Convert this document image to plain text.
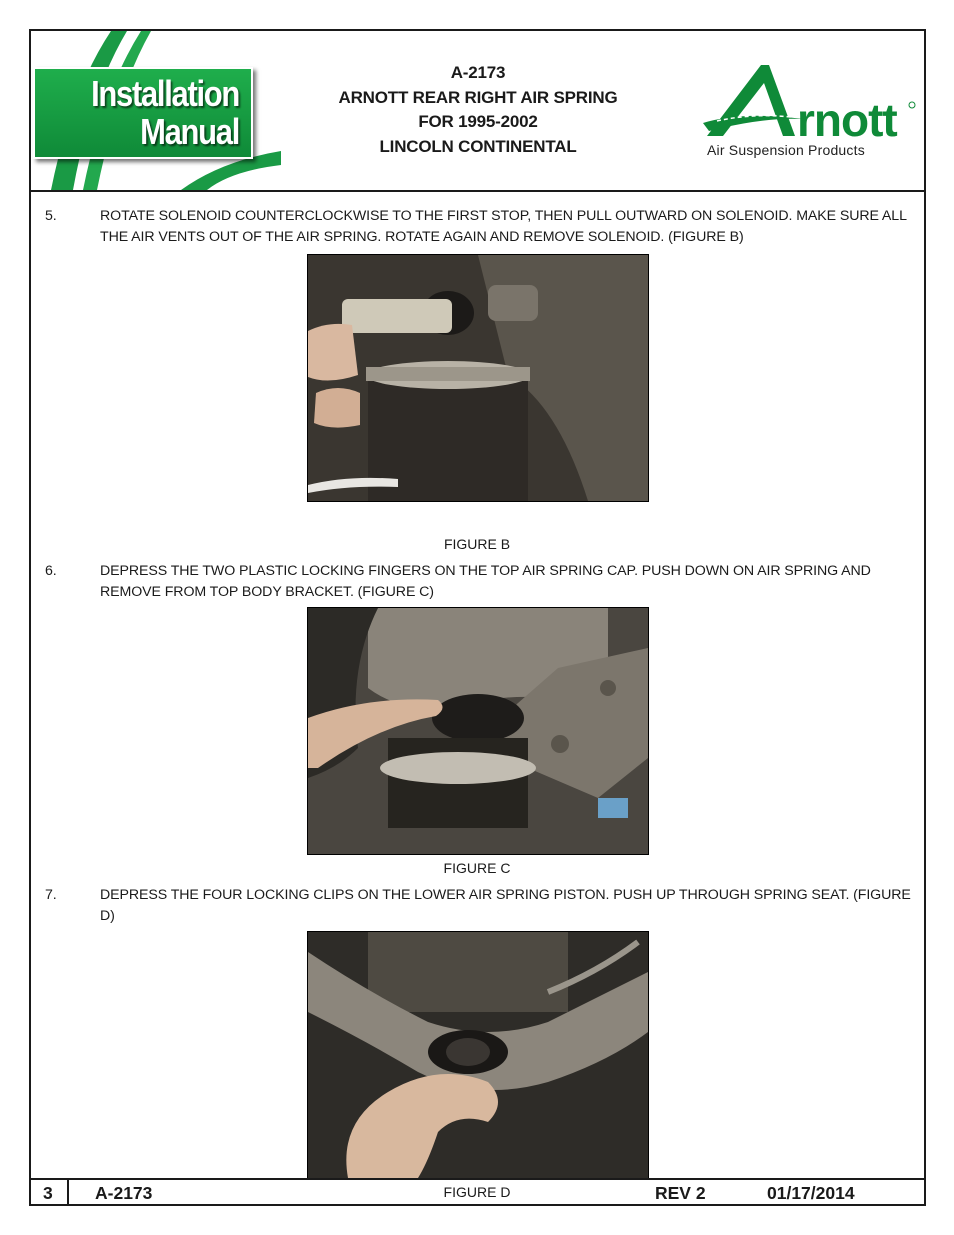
Installation
Manual
A-2173
ARNOTT REAR RIGHT AIR SPRING
FOR 1995-2002
LINCOLN CONTINENTAL	rnott
Air Suspension Products
5.	ROTATE SOLENOID COUNTERCLOCKWISE TO THE FIRST STOP, THEN PULL OUTWARD ON SOLENOID. MAKE SURE ALL THE AIR VENTS OUT OF THE AIR SPRING. ROTATE AGAIN AND REMOVE SOLENOID. (FIGURE B)
FIGURE B
6.	DEPRESS THE TWO PLASTIC LOCKING FINGERS ON THE TOP AIR SPRING CAP. PUSH DOWN ON AIR SPRING AND REMOVE FROM TOP BODY BRACKET. (FIGURE C)
FIGURE C
7.	DEPRESS THE FOUR LOCKING CLIPS ON THE LOWER AIR SPRING PISTON. PUSH UP THROUGH SPRING SEAT. (FIGURE D)
FIGURE D
3 A-2173	REV 2	01/17/2014
